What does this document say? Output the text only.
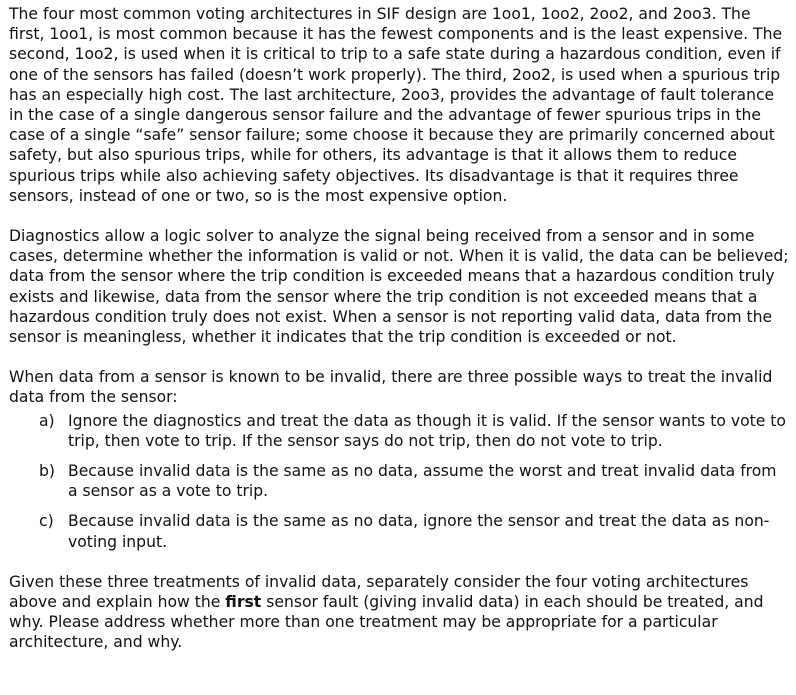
The four most common voting architectures in SIF design are 1oo1, 1oo2, 2oo2, and 2oo3. The first, 1oo1, is most common because it has the fewest components and is the least expensive. The second, 1oo2, is used when it is critical to trip to a safe state during a hazardous condition, even if one of the sensors has failed (doesn’t work properly). The third, 2oo2, is used when a spurious trip has an especially high cost. The last architecture, 2oo3, provides the advantage of fault tolerance in the case of a single dangerous sensor failure and the advantage of fewer spurious trips in the case of a single “safe” sensor failure; some choose it because they are primarily concerned about safety, but also spurious trips, while for others, its advantage is that it allows them to reduce spurious trips while also achieving safety objectives. Its disadvantage is that it requires three sensors, instead of one or two, so is the most expensive option.

Diagnostics allow a logic solver to analyze the signal being received from a sensor and in some cases, determine whether the information is valid or not. When it is valid, the data can be believed; data from the sensor where the trip condition is exceeded means that a hazardous condition truly exists and likewise, data from the sensor where the trip condition is not exceeded means that a hazardous condition truly does not exist. When a sensor is not reporting valid data, data from the sensor is meaningless, whether it indicates that the trip condition is exceeded or not.

When data from a sensor is known to be invalid, there are three possible ways to treat the invalid data from the sensor:

a) Ignore the diagnostics and treat the data as though it is valid. If the sensor wants to vote to trip, then vote to trip. If the sensor says do not trip, then do not vote to trip.
b) Because invalid data is the same as no data, assume the worst and treat invalid data from a sensor as a vote to trip.
c) Because invalid data is the same as no data, ignore the sensor and treat the data as non-voting input.

Given these three treatments of invalid data, separately consider the four voting architectures above and explain how the first sensor fault (giving invalid data) in each should be treated, and why. Please address whether more than one treatment may be appropriate for a particular architecture, and why.
